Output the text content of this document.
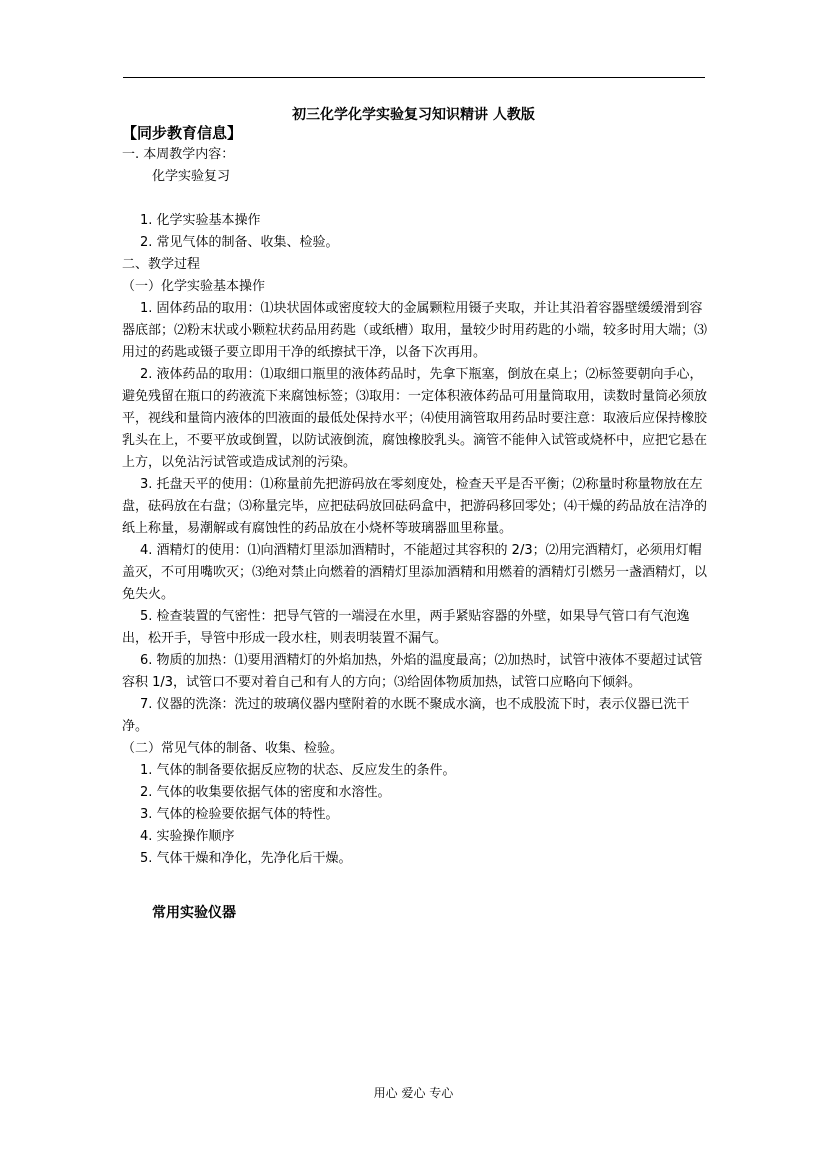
初三化学化学实验复习知识精讲 人教版

【同步教育信息】

一. 本周教学内容：

化学实验复习

1. 化学实验基本操作

2. 常见气体的制备、收集、检验。

二、教学过程

（一）化学实验基本操作

1. 固体药品的取用：⑴块状固体或密度较大的金属颗粒用镊子夹取，并让其沿着容器壁缓缓滑到容器底部；⑵粉末状或小颗粒状药品用药匙（或纸槽）取用，量较少时用药匙的小端，较多时用大端；⑶用过的药匙或镊子要立即用干净的纸擦拭干净，以备下次再用。

2. 液体药品的取用：⑴取细口瓶里的液体药品时，先拿下瓶塞，倒放在桌上；⑵标签要朝向手心，避免残留在瓶口的药液流下来腐蚀标签；⑶取用：一定体积液体药品可用量筒取用，读数时量筒必须放平，视线和量筒内液体的凹液面的最低处保持水平；⑷使用滴管取用药品时要注意：取液后应保持橡胶乳头在上，不要平放或倒置，以防试液倒流，腐蚀橡胶乳头。滴管不能伸入试管或烧杯中，应把它悬在上方，以免沾污试管或造成试剂的污染。

3. 托盘天平的使用：⑴称量前先把游码放在零刻度处，检查天平是否平衡；⑵称量时称量物放在左盘，砝码放在右盘；⑶称量完毕，应把砝码放回砝码盒中，把游码移回零处；⑷干燥的药品放在洁净的纸上称量，易潮解或有腐蚀性的药品放在小烧杯等玻璃器皿里称量。

4. 酒精灯的使用：⑴向酒精灯里添加酒精时，不能超过其容积的 2/3；⑵用完酒精灯，必须用灯帽盖灭，不可用嘴吹灭；⑶绝对禁止向燃着的酒精灯里添加酒精和用燃着的酒精灯引燃另一盏酒精灯，以免失火。

5. 检查装置的气密性：把导气管的一端浸在水里，两手紧贴容器的外壁，如果导气管口有气泡逸出，松开手，导管中形成一段水柱，则表明装置不漏气。

6. 物质的加热：⑴要用酒精灯的外焰加热，外焰的温度最高；⑵加热时，试管中液体不要超过试管容积 1/3，试管口不要对着自己和有人的方向；⑶给固体物质加热，试管口应略向下倾斜。

7. 仪器的洗涤：洗过的玻璃仪器内壁附着的水既不聚成水滴，也不成股流下时，表示仪器已洗干净。

（二）常见气体的制备、收集、检验。

1. 气体的制备要依据反应物的状态、反应发生的条件。

2. 气体的收集要依据气体的密度和水溶性。

3. 气体的检验要依据气体的特性。

4. 实验操作顺序

5. 气体干燥和净化，先净化后干燥。

常用实验仪器

用心 爱心 专心
